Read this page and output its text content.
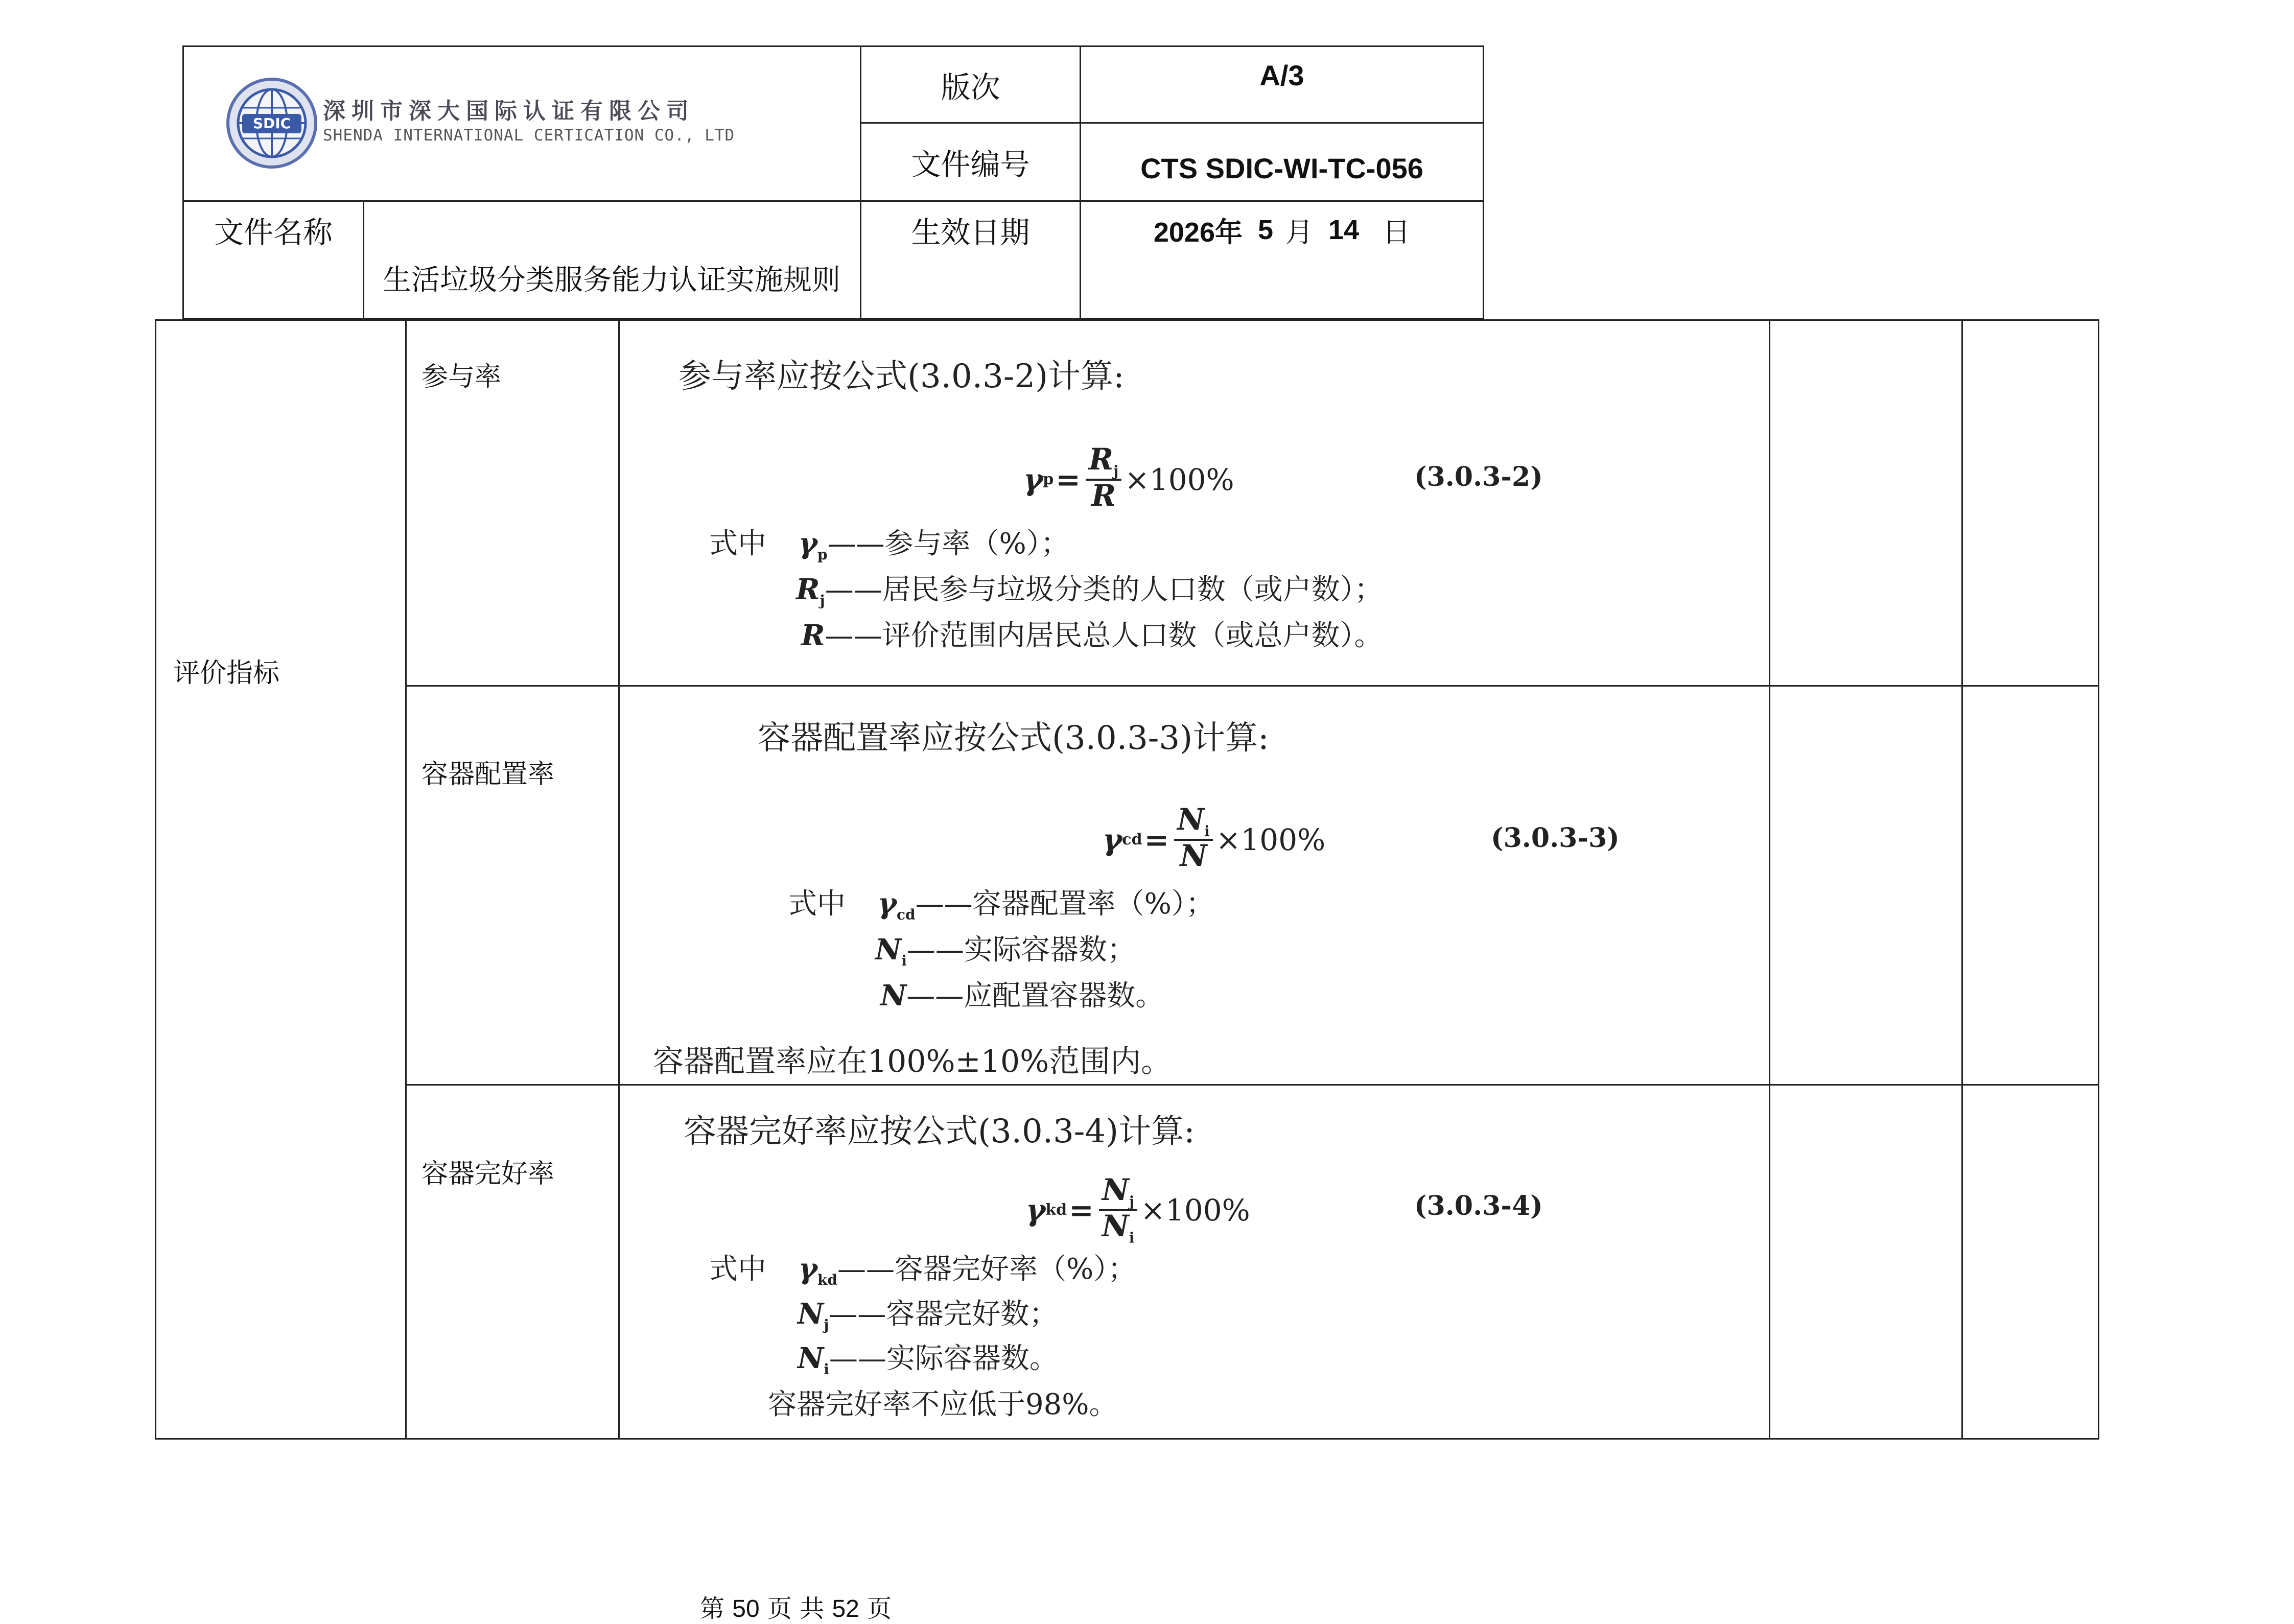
SDIC 深圳市深大国际认证有限公司
SHENDA INTERNATIONAL CERTICATION CO., LTD
版次	A/3
文件编号	CTS SDIC-WI-TC-056
文件名称
生活垃圾分类服务能力认证实施规则
生效日期	2026年 5 月 14 日
评价指标
参与率	参与率应按公式(3.0.3-2)计算:
γ $p = \frac{R_j}{R} \times 100\%$	(3.0.3-2)
式中 $\gamma_p——$参与率（%）；
$R_j——$居民参与垃圾分类的人口数（或户数）；
R——评价范围内居民总人口数（或总户数）。
容器配置率
容器配置率应按公式(3.0.3-3)计算:
γ cd = $\frac{N_i}{N} \times 100\%$	(3.0.3-3)
式中 $\gamma_{cd}——$容器配置率（%）；
$N_i——$实际容器数；
N——应配置容器数。
容器配置率应在100%±10%范围内。
容器完好率
容器完好率应按公式(3.0.3-4)计算:
γ kd = $\frac{N_j}{N_i} \times 100\%$	(3.0.3-4)
式中 $\gamma_{kd}——$容器完好率（%）；
$N_j——$容器完好数；
$N_i——$实际容器数。
容器完好率不应低于98%。
第 50 页 共 52 页
